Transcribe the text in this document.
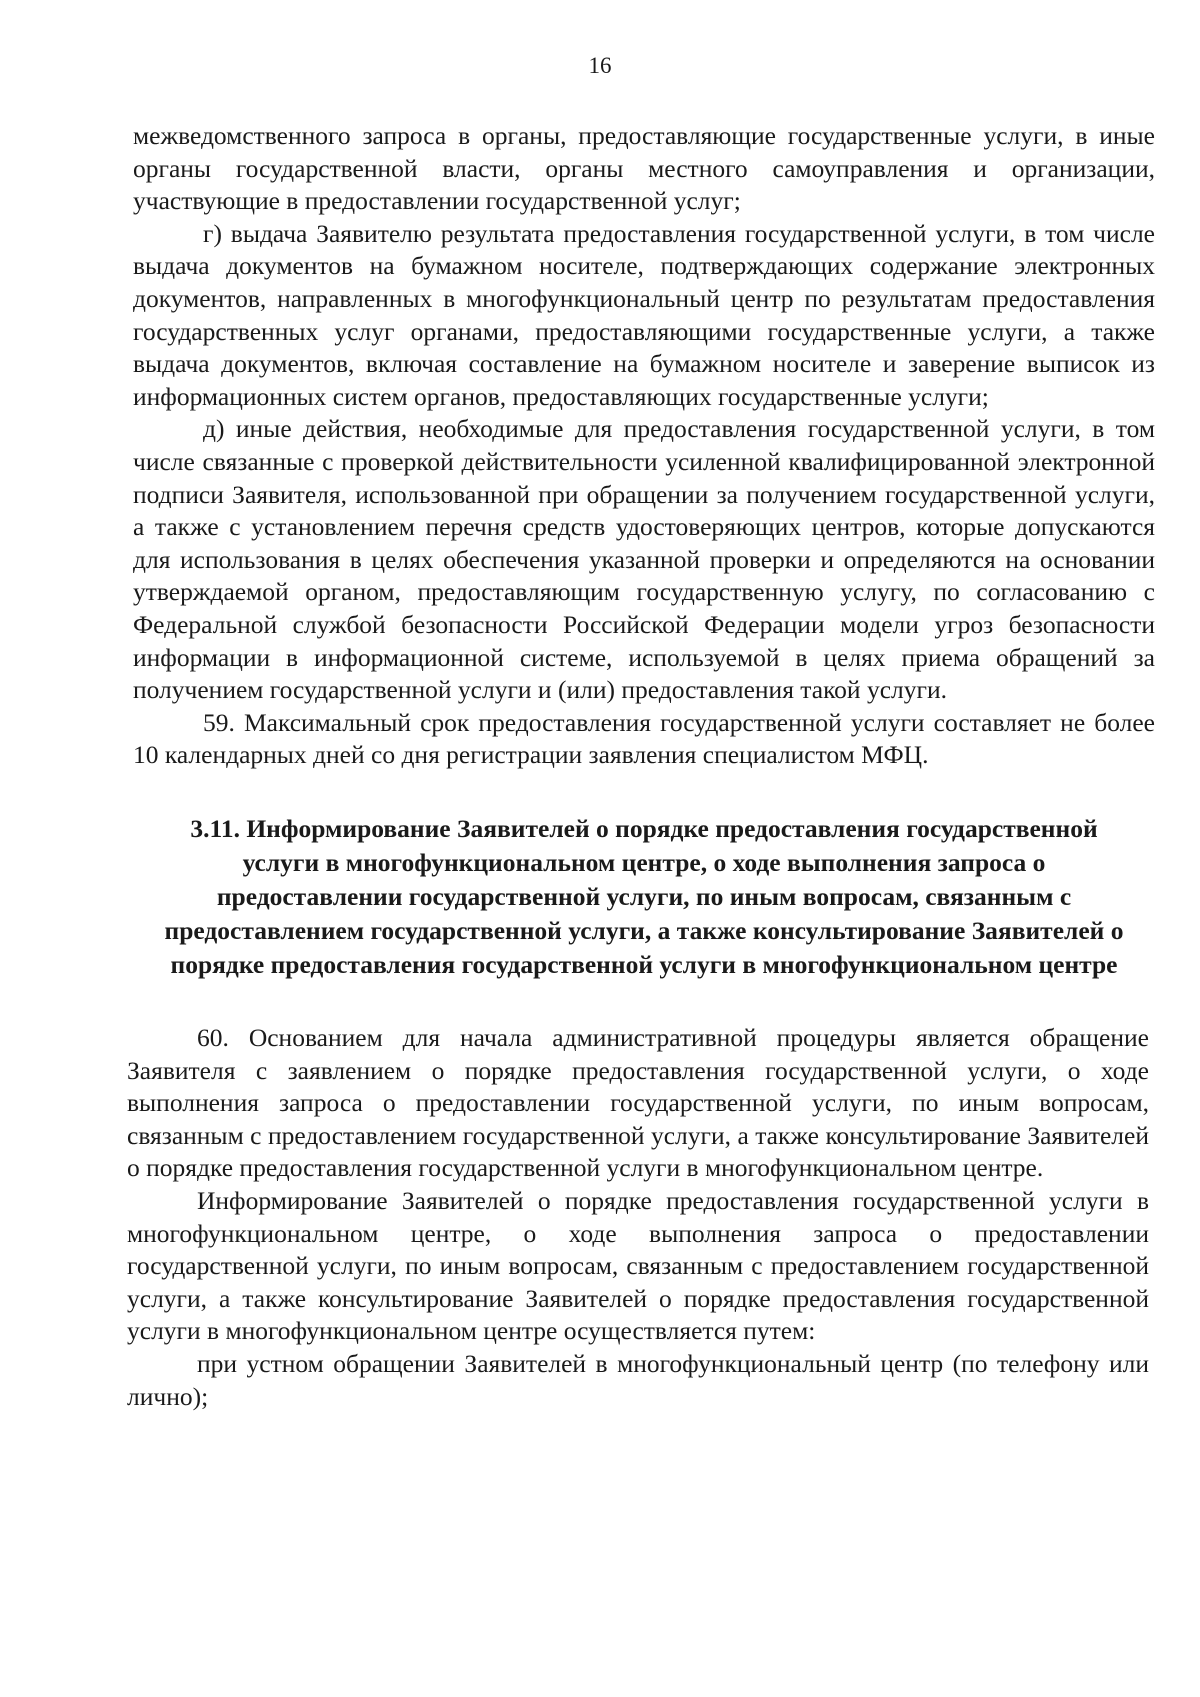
16

межведомственного запроса в органы, предоставляющие государственные услуги, в иные органы государственной власти, органы местного самоуправления и организации, участвующие в предоставлении государственной услуг;

г) выдача Заявителю результата предоставления государственной услуги, в том числе выдача документов на бумажном носителе, подтверждающих содержание электронных документов, направленных в многофункциональный центр по результатам предоставления государственных услуг органами, предоставляющими государственные услуги, а также выдача документов, включая составление на бумажном носителе и заверение выписок из информационных систем органов, предоставляющих государственные услуги;

д) иные действия, необходимые для предоставления государственной услуги, в том числе связанные с проверкой действительности усиленной квалифицированной электронной подписи Заявителя, использованной при обращении за получением государственной услуги, а также с установлением перечня средств удостоверяющих центров, которые допускаются для использования в целях обеспечения указанной проверки и определяются на основании утверждаемой органом, предоставляющим государственную услугу, по согласованию с Федеральной службой безопасности Российской Федерации модели угроз безопасности информации в информационной системе, используемой в целях приема обращений за получением государственной услуги и (или) предоставления такой услуги.

59. Максимальный срок предоставления государственной услуги составляет не более 10 календарных дней со дня регистрации заявления специалистом МФЦ.

3.11. Информирование Заявителей о порядке предоставления государственной услуги в многофункциональном центре, о ходе выполнения запроса о предоставлении государственной услуги, по иным вопросам, связанным с предоставлением государственной услуги, а также консультирование Заявителей о порядке предоставления государственной услуги в многофункциональном центре

60. Основанием для начала административной процедуры является обращение Заявителя с заявлением о порядке предоставления государственной услуги, о ходе выполнения запроса о предоставлении государственной услуги, по иным вопросам, связанным с предоставлением государственной услуги, а также консультирование Заявителей о порядке предоставления государственной услуги в многофункциональном центре.

Информирование Заявителей о порядке предоставления государственной услуги в многофункциональном центре, о ходе выполнения запроса о предоставлении государственной услуги, по иным вопросам, связанным с предоставлением государственной услуги, а также консультирование Заявителей о порядке предоставления государственной услуги в многофункциональном центре осуществляется путем:

при устном обращении Заявителей в многофункциональный центр (по телефону или лично);
